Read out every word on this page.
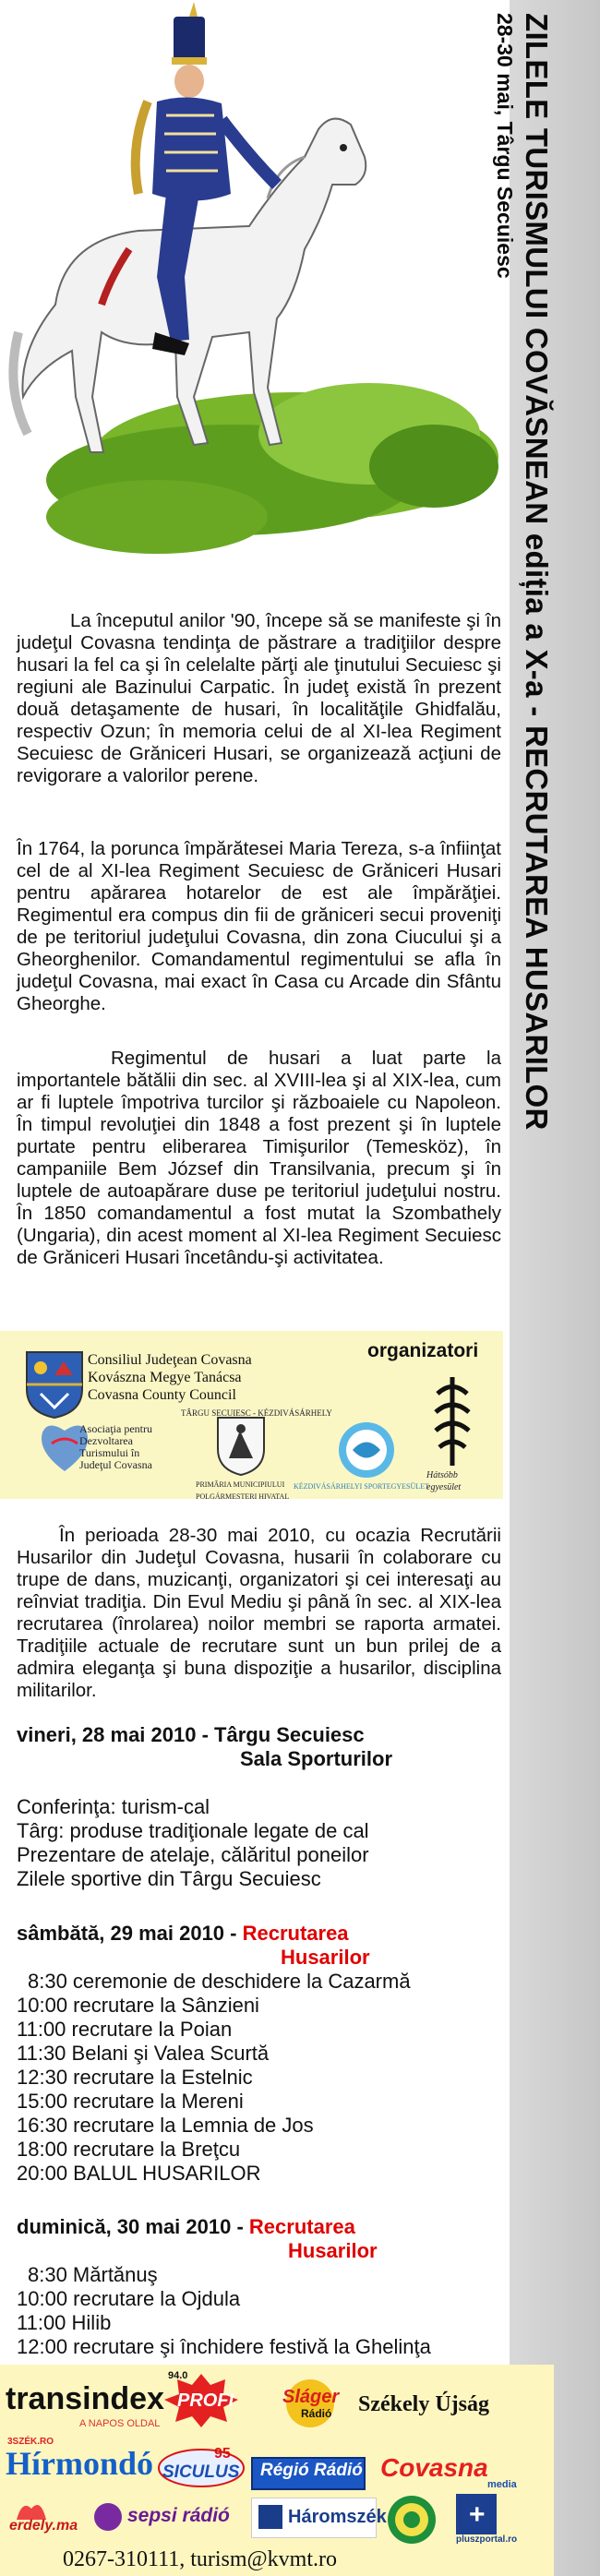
ZILELE TURISMULUI COVĂSNEAN ediția a X-a - RECRUTAREA HUSARILOR
28-30 mai, Târgu Secuiesc

La începutul anilor '90, începe să se manifeste şi în judeţul Covasna tendinţa de păstrare a tradiţiilor despre husari la fel ca şi în celelalte părţi ale ţinutului Secuiesc şi regiuni ale Bazinului Carpatic. În judeţ există în prezent două detaşamente de husari, în localităţile Ghidfalău, respectiv Ozun; în memoria celui de al XI-lea Regiment Secuiesc de Grăniceri Husari, se organizează acţiuni de revigorare a valorilor perene.

În 1764, la porunca împărătesei Maria Tereza, s-a înfiinţat cel de al XI-lea Regiment Secuiesc de Grăniceri Husari pentru apărarea hotarelor de est ale împărăţiei. Regimentul era compus din fii de grăniceri secui proveniţi de pe teritoriul judeţului Covasna, din zona Ciucului şi a Gheorghenilor. Comandamentul regimentului se afla în judeţul Covasna, mai exact în Casa cu Arcade din Sfântu Gheorghe.

Regimentul de husari a luat parte la importantele bătălii din sec. al XVIII-lea şi al XIX-lea, cum ar fi luptele împotriva turcilor şi războaiele cu Napoleon. În timpul revoluţiei din 1848 a fost prezent şi în luptele purtate pentru eliberarea Timişurilor (Temesköz), în campaniile Bem József din Transilvania, precum şi în luptele de autoapărare duse pe teritoriul judeţului nostru. În 1850 comandamentul a fost mutat la Szombathely (Ungaria), din acest moment al XI-lea Regiment Secuiesc de Grăniceri Husari încetându-şi activitatea.

organizatori
Consiliul Judeţean Covasna
Kovászna Megye Tanácsa
Covasna County Council
Asociaţia pentru
Dezvoltarea
Turismului în
Judeţul Covasna
TÂRGU SECUIESC - KÉZDIVÁSÁRHELY
PRIMĂRIA MUNICIPIULUI
POLGÁRMESTERI HIVATAL
KÉZDIVÁSÁRHELYI SPORTEGYESÜLET
Hátsóbb
egyesület

În perioada 28-30 mai 2010, cu ocazia Recrutării Husarilor din Judeţul Covasna, husarii în colaborare cu trupe de dans, muzicanţi, organizatori şi cei interesaţi au reînviat tradiţia. Din Evul Mediu şi până în sec. al XIX-lea recrutarea (înrolarea) noilor membri se raporta armatei. Tradiţiile actuale de recrutare sunt un bun prilej de a admira eleganţa şi buna dispoziţie a husarilor, disciplina militarilor.

vineri, 28 mai 2010 - Târgu Secuiesc
Sala Sporturilor
Conferinţa: turism-cal
Târg: produse tradiţionale legate de cal
Prezentare de atelaje, călăritul poneilor
Zilele sportive din Târgu Secuiesc
sâmbătă, 29 mai 2010 - Recrutarea
Husarilor
8:30 ceremonie de deschidere la Cazarmă
10:00 recrutare la Sânzieni
11:00 recrutare la Poian
11:30 Belani şi Valea Scurtă
12:30 recrutare la Estelnic
15:00 recrutare la Mereni
16:30 recrutare la Lemnia de Jos
18:00 recrutare la Breţcu
20:00 BALUL HUSARILOR
duminică, 30 mai 2010 - Recrutarea
Husarilor
8:30 Mărtănuş
10:00 recrutare la Ojdula
11:00 Hilib
12:00 recrutare şi închidere festivă la Ghelinţa
transindex
A NAPOS OLDAL
94.0
PROFI	Sláger
Rádió Székely Újság
3SZÉK.RO
Hírmondó	95
SICULUS Régió Rádió Covasna
media
erdely.ma	sepsi rádió	Háromszék	+
pluszportal.ro
0267-310111, turism@kvmt.ro
